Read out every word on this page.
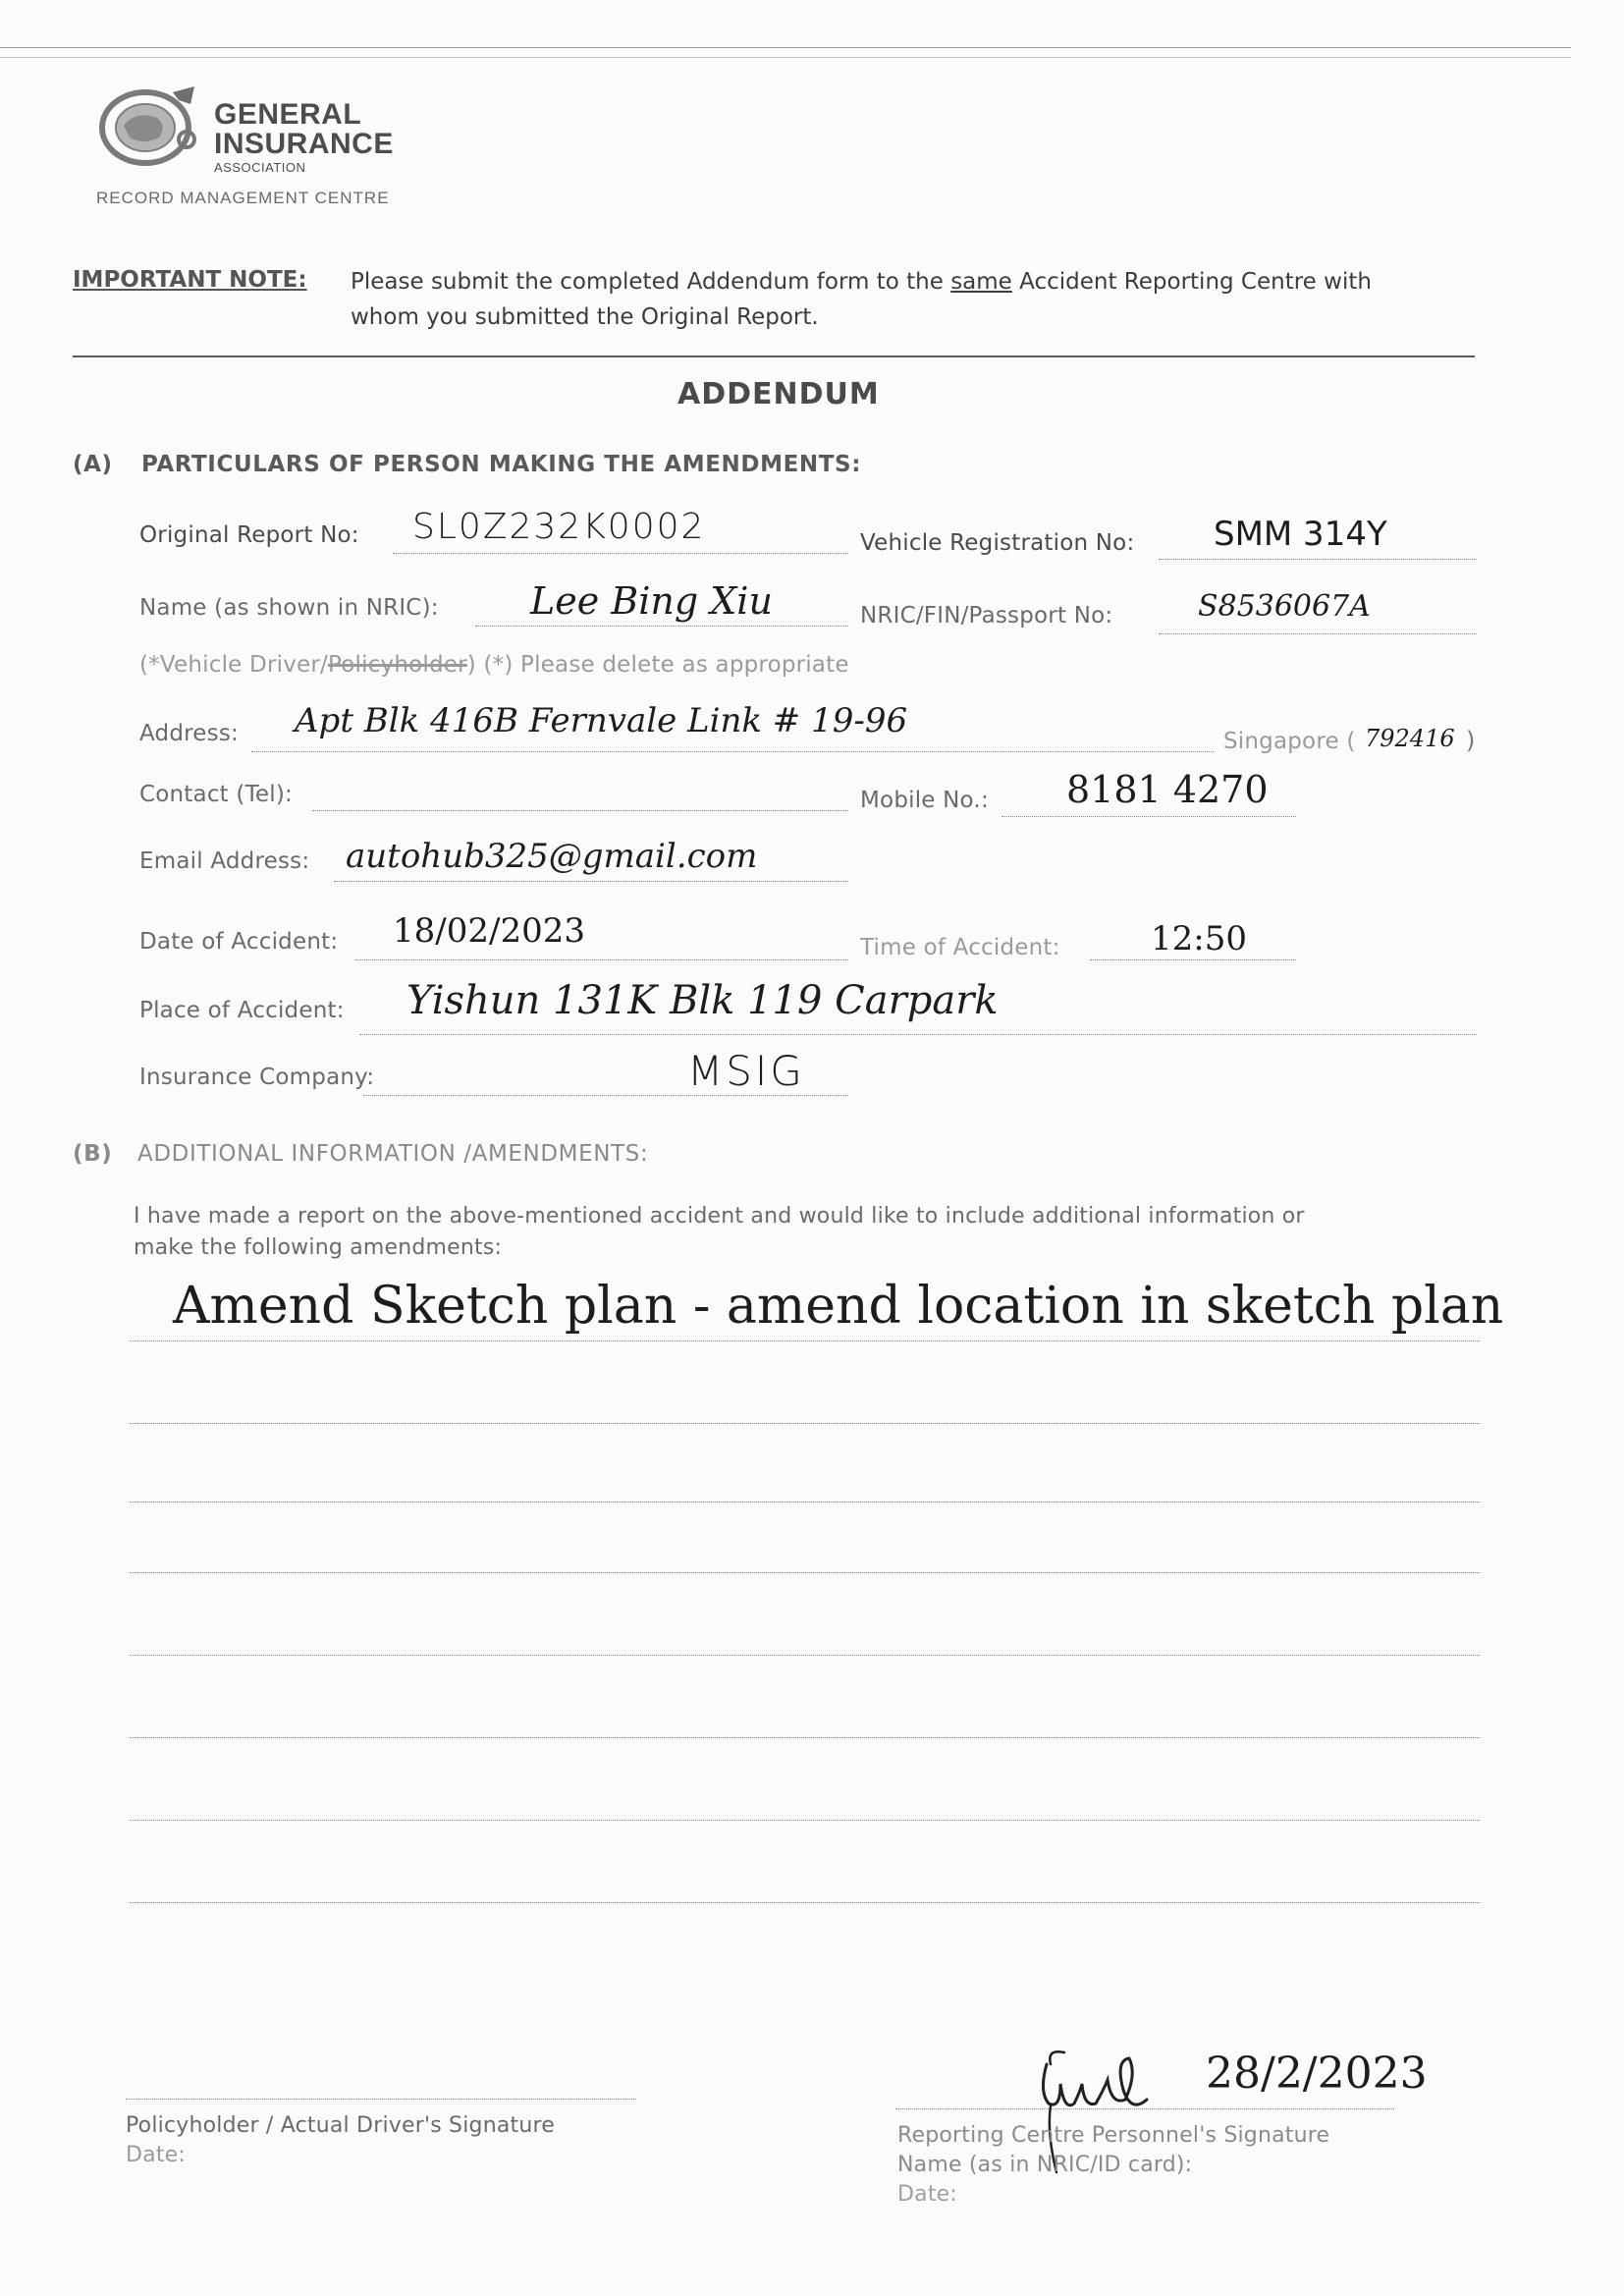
GENERAL
INSURANCE
ASSOCIATION
RECORD MANAGEMENT CENTRE
IMPORTANT NOTE: Please submit the completed Addendum form to the same Accident Reporting Centre with
whom you submitted the Original Report.
ADDENDUM
(A) PARTICULARS OF PERSON MAKING THE AMENDMENTS:
Original Report No: SL0Z232K0002	Vehicle Registration No: SMM 314Y
Name (as shown in NRIC): Lee Bing Xiu	NRIC/FIN/Passport No:	S8536067A
(*Vehicle Driver/Policyholder) (*) Please delete as appropriate
Address: Apt Blk 416B Fernvale Link # 19-96
Singapore ( 792416 )
Contact (Tel):	Mobile No.: 8181 4270
Email Address: autohub325@gmail.com
Date of Accident: 18/02/2023	Time of Accident:	12:50
Place of Accident: Yishun 131K Blk 119 Carpark
Insurance Company:	MSIG
(B) ADDITIONAL INFORMATION /AMENDMENTS:
I have made a report on the above-mentioned accident and would like to include additional information or
make the following amendments:
Amend Sketch plan - amend location in sketch plan
Policyholder / Actual Driver's Signature
Date:
28/2/2023
Reporting Centre Personnel's Signature
Name (as in NRIC/ID card):
Date:
